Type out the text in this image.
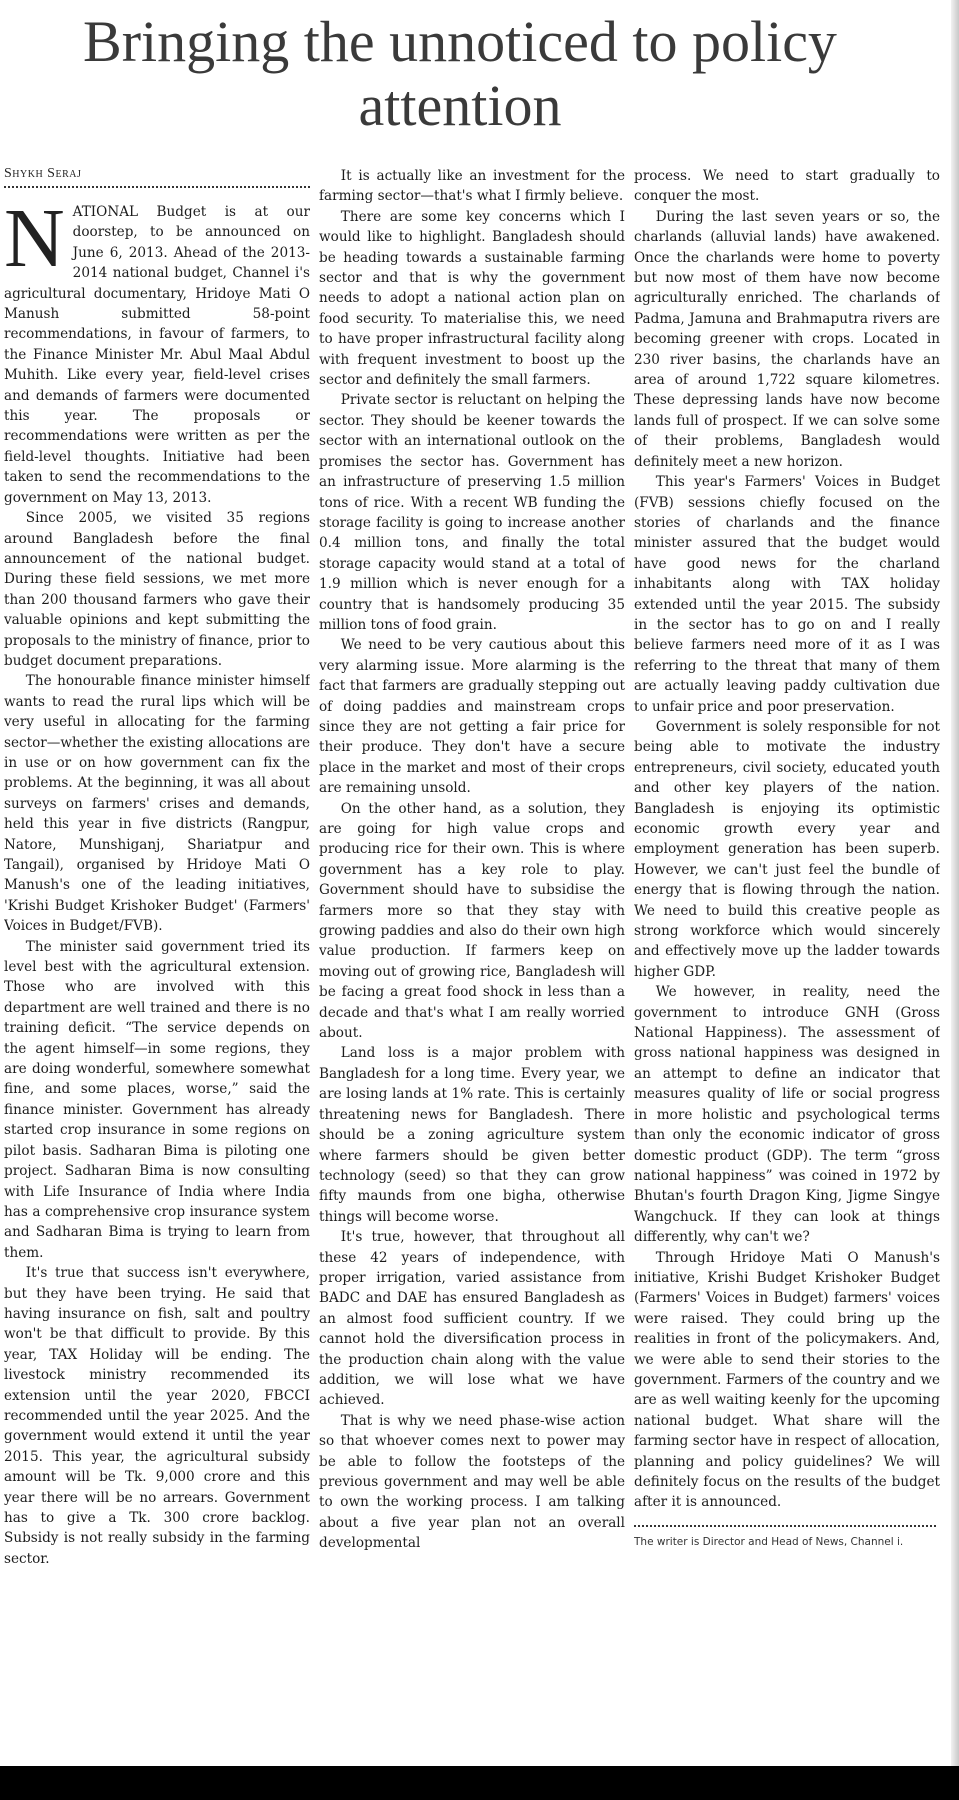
Bringing the unnoticed to policy attention

Shykh Seraj

NATIONAL Budget is at our doorstep, to be announced on June 6, 2013. Ahead of the 2013-2014 national budget, Channel i's agricultural documentary, Hridoye Mati O Manush submitted 58-point recommendations, in favour of farmers, to the Finance Minister Mr. Abul Maal Abdul Muhith. Like every year, field-level crises and demands of farmers were documented this year. The proposals or recommendations were written as per the field-level thoughts. Initiative had been taken to send the recommendations to the government on May 13, 2013.

Since 2005, we visited 35 regions around Bangladesh before the final announcement of the national budget. During these field sessions, we met more than 200 thousand farmers who gave their valuable opinions and kept submitting the proposals to the ministry of finance, prior to budget document preparations.

The honourable finance minister himself wants to read the rural lips which will be very useful in allocating for the farming sector—whether the existing allocations are in use or on how government can fix the problems. At the beginning, it was all about surveys on farmers' crises and demands, held this year in five districts (Rangpur, Natore, Munshiganj, Shariatpur and Tangail), organised by Hridoye Mati O Manush's one of the leading initiatives, 'Krishi Budget Krishoker Budget' (Farmers' Voices in Budget/FVB).

The minister said government tried its level best with the agricultural extension. Those who are involved with this department are well trained and there is no training deficit. “The service depends on the agent himself—in some regions, they are doing wonderful, somewhere somewhat fine, and some places, worse,” said the finance minister. Government has already started crop insurance in some regions on pilot basis. Sadharan Bima is piloting one project. Sadharan Bima is now consulting with Life Insurance of India where India has a comprehensive crop insurance system and Sadharan Bima is trying to learn from them.

It's true that success isn't everywhere, but they have been trying. He said that having insurance on fish, salt and poultry won't be that difficult to provide. By this year, TAX Holiday will be ending. The livestock ministry recommended its extension until the year 2020, FBCCI recommended until the year 2025. And the government would extend it until the year 2015. This year, the agricultural subsidy amount will be Tk. 9,000 crore and this year there will be no arrears. Government has to give a Tk. 300 crore backlog. Subsidy is not really subsidy in the farming sector.

It is actually like an investment for the farming sector—that's what I firmly believe.

There are some key concerns which I would like to highlight. Bangladesh should be heading towards a sustainable farming sector and that is why the government needs to adopt a national action plan on food security. To materialise this, we need to have proper infrastructural facility along with frequent investment to boost up the sector and definitely the small farmers.

Private sector is reluctant on helping the sector. They should be keener towards the sector with an international outlook on the promises the sector has. Government has an infrastructure of preserving 1.5 million tons of rice. With a recent WB funding the storage facility is going to increase another 0.4 million tons, and finally the total storage capacity would stand at a total of 1.9 million which is never enough for a country that is handsomely producing 35 million tons of food grain.

We need to be very cautious about this very alarming issue. More alarming is the fact that farmers are gradually stepping out of doing paddies and mainstream crops since they are not getting a fair price for their produce. They don't have a secure place in the market and most of their crops are remaining unsold.

On the other hand, as a solution, they are going for high value crops and producing rice for their own. This is where government has a key role to play. Government should have to subsidise the farmers more so that they stay with growing paddies and also do their own high value production. If farmers keep on moving out of growing rice, Bangladesh will be facing a great food shock in less than a decade and that's what I am really worried about.

Land loss is a major problem with Bangladesh for a long time. Every year, we are losing lands at 1% rate. This is certainly threatening news for Bangladesh. There should be a zoning agriculture system where farmers should be given better technology (seed) so that they can grow fifty maunds from one bigha, otherwise things will become worse.

It's true, however, that throughout all these 42 years of independence, with proper irrigation, varied assistance from BADC and DAE has ensured Bangladesh as an almost food sufficient country. If we cannot hold the diversification process in the production chain along with the value addition, we will lose what we have achieved.

That is why we need phase-wise action so that whoever comes next to power may be able to follow the footsteps of the previous government and may well be able to own the working process. I am talking about a five year plan not an overall developmental

process. We need to start gradually to conquer the most.

During the last seven years or so, the charlands (alluvial lands) have awakened. Once the charlands were home to poverty but now most of them have now become agriculturally enriched. The charlands of Padma, Jamuna and Brahmaputra rivers are becoming greener with crops. Located in 230 river basins, the charlands have an area of around 1,722 square kilometres. These depressing lands have now become lands full of prospect. If we can solve some of their problems, Bangladesh would definitely meet a new horizon.

This year's Farmers' Voices in Budget (FVB) sessions chiefly focused on the stories of charlands and the finance minister assured that the budget would have good news for the charland inhabitants along with TAX holiday extended until the year 2015. The subsidy in the sector has to go on and I really believe farmers need more of it as I was referring to the threat that many of them are actually leaving paddy cultivation due to unfair price and poor preservation.

Government is solely responsible for not being able to motivate the industry entrepreneurs, civil society, educated youth and other key players of the nation. Bangladesh is enjoying its optimistic economic growth every year and employment generation has been superb. However, we can't just feel the bundle of energy that is flowing through the nation. We need to build this creative people as strong workforce which would sincerely and effectively move up the ladder towards higher GDP.

We however, in reality, need the government to introduce GNH (Gross National Happiness). The assessment of gross national happiness was designed in an attempt to define an indicator that measures quality of life or social progress in more holistic and psychological terms than only the economic indicator of gross domestic product (GDP). The term “gross national happiness” was coined in 1972 by Bhutan's fourth Dragon King, Jigme Singye Wangchuck. If they can look at things differently, why can't we?

Through Hridoye Mati O Manush's initiative, Krishi Budget Krishoker Budget (Farmers' Voices in Budget) farmers' voices were raised. They could bring up the realities in front of the policymakers. And, we were able to send their stories to the government. Farmers of the country and we are as well waiting keenly for the upcoming national budget. What share will the farming sector have in respect of allocation, planning and policy guidelines? We will definitely focus on the results of the budget after it is announced.

The writer is Director and Head of News, Channel i.
